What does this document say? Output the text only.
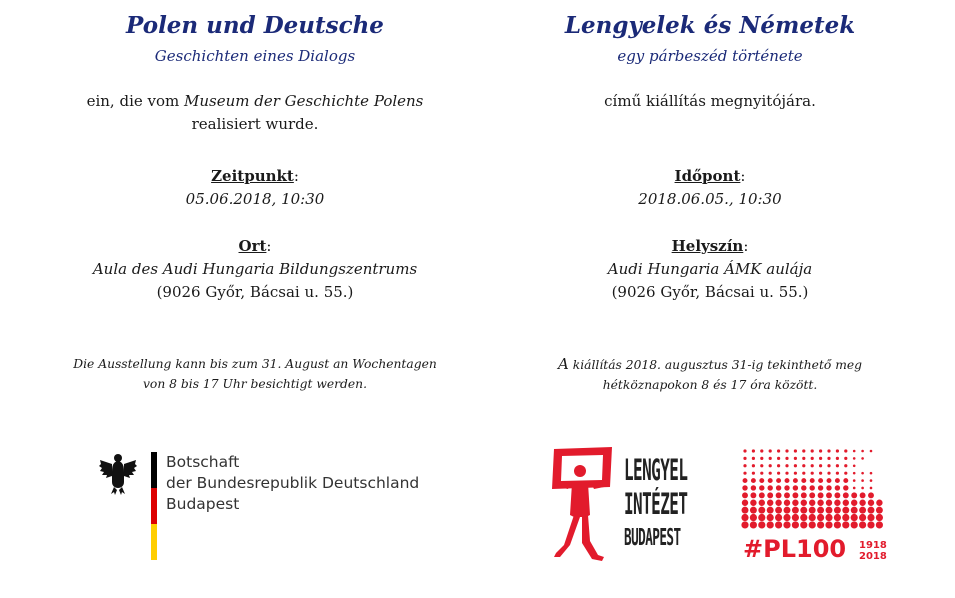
Polen und Deutsche
Geschichten eines Dialogs
ein, die vom Museum der Geschichte Polens
realisiert wurde.
Zeitpunkt:
05.06.2018, 10:30
Ort:
Aula des Audi Hungaria Bildungszentrums
(9026 Győr, Bácsai u. 55.)
Die Ausstellung kann bis zum 31. August an Wochentagen
von 8 bis 17 Uhr besichtigt werden.
Lengyelek és Németek
egy párbeszéd története
című kiállítás megnyitójára.
Időpont:
2018.06.05., 10:30
Helyszín:
Audi Hungaria ÁMK aulája
(9026 Győr, Bácsai u. 55.)
A kiállítás 2018. augusztus 31-ig tekinthető meg
hétköznapokon 8 és 17 óra között.
Botschaft
der Bundesrepublik Deutschland
Budapest
LENGYEL
INTÉZET
BUDAPEST	#PL100 1918
2018
